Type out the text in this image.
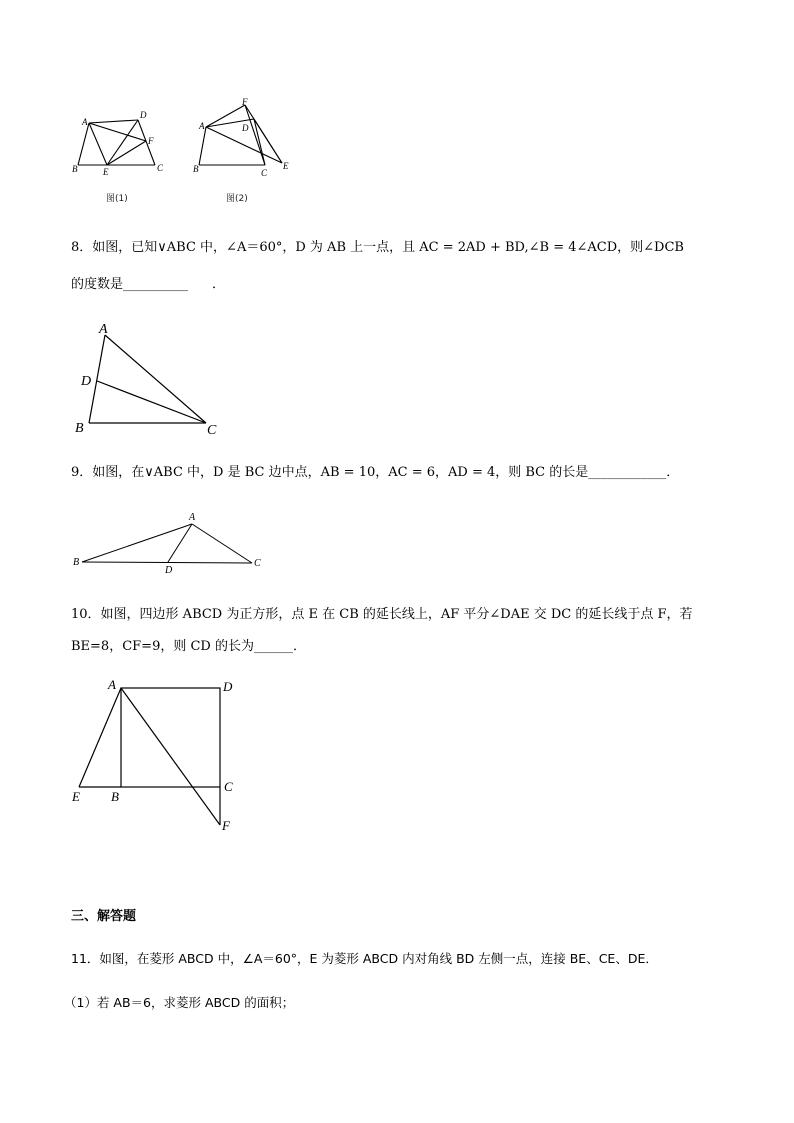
A
D
F
B	E	C
图(1)
F
A	D
E
B	C
图(2)
8．如图，已知∨ABC 中，∠A＝60°，D 为 AB 上一点，且 AC = 2AD + BD,∠B = 4∠ACD，则∠DCB
的度数是__________ ．
A
D
B	C
9．如图，在∨ABC 中，D 是 BC 边中点，AB = 10，AC = 6，AD = 4，则 BC 的长是____________．
A
B
D
C
10．如图，四边形 ABCD 为正方形，点 E 在 CB 的延长线上，AF 平分∠DAE 交 DC 的延长线于点 F，若
BE=8，CF=9，则 CD 的长为______．
A	D
C
E B
F
三、解答题
11．如图，在菱形 ABCD 中，∠A＝60°，E 为菱形 ABCD 内对角线 BD 左侧一点，连接 BE、CE、DE．
（1）若 AB＝6，求菱形 ABCD 的面积；
